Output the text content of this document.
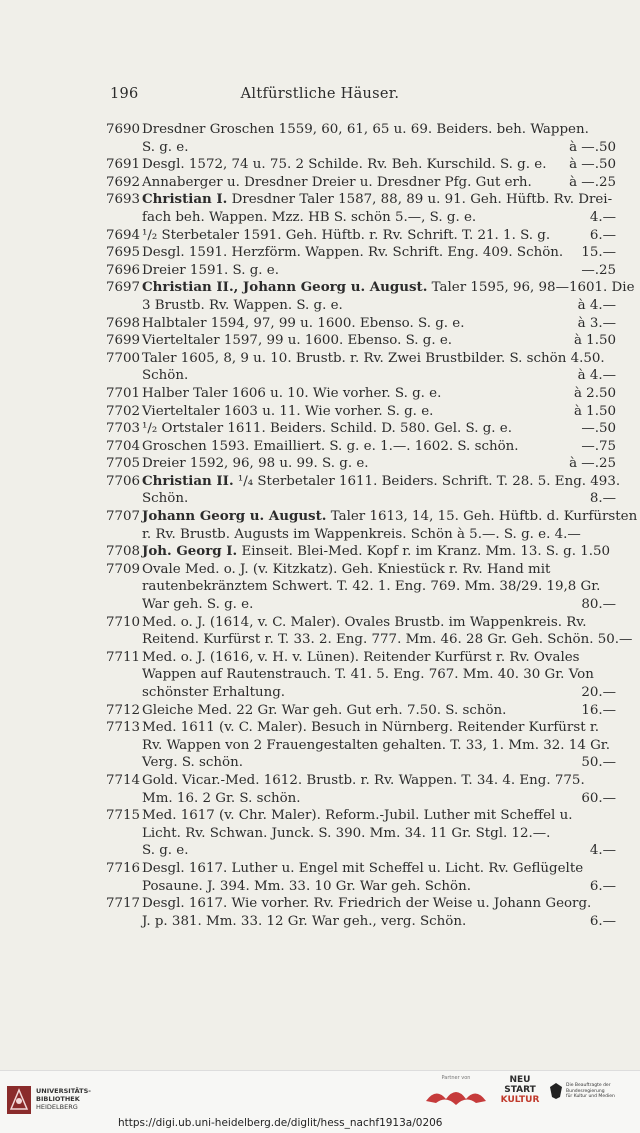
196	Altfürstliche Häuser.
7690 Dresdner Groschen 1559, 60, 61, 65 u. 69. Beiders. beh. Wappen.
S. g. e.	à —.50
7691 Desgl. 1572, 74 u. 75. 2 Schilde. Rv. Beh. Kurschild. S. g. e. à —.50
7692 Annaberger u. Dresdner Dreier u. Dresdner Pfg. Gut erh.	à —.25
7693 Christian I. Dresdner Taler 1587, 88, 89 u. 91. Geh. Hüftb. Rv. Drei-
fach beh. Wappen. Mzz. HB S. schön 5.—, S. g. e.	4.—
7694 ¹/₂ Sterbetaler 1591. Geh. Hüftb. r. Rv. Schrift. T. 21. 1. S. g.	6.—
7695 Desgl. 1591. Herzförm. Wappen. Rv. Schrift. Eng. 409. Schön. 15.—
7696 Dreier 1591. S. g. e.	—.25
7697 Christian II., Johann Georg u. August. Taler 1595, 96, 98—1601. Die
3 Brustb. Rv. Wappen. S. g. e.	à 4.—
7698 Halbtaler 1594, 97, 99 u. 1600. Ebenso. S. g. e.	à 3.—
7699 Vierteltaler 1597, 99 u. 1600. Ebenso. S. g. e.	à 1.50
7700 Taler 1605, 8, 9 u. 10. Brustb. r. Rv. Zwei Brustbilder. S. schön 4.50.
Schön.	à 4.—
7701 Halber Taler 1606 u. 10. Wie vorher. S. g. e.	à 2.50
7702 Vierteltaler 1603 u. 11. Wie vorher. S. g. e.	à 1.50
7703 ¹/₂ Ortstaler 1611. Beiders. Schild. D. 580. Gel. S. g. e.	—.50
7704 Groschen 1593. Emailliert. S. g. e. 1.—. 1602. S. schön.	—.75
7705 Dreier 1592, 96, 98 u. 99. S. g. e.	à —.25
7706 Christian II. ¹/₄ Sterbetaler 1611. Beiders. Schrift. T. 28. 5. Eng. 493.
Schön.	8.—
7707 Johann Georg u. August. Taler 1613, 14, 15. Geh. Hüftb. d. Kurfürsten
r. Rv. Brustb. Augusts im Wappenkreis. Schön à 5.—. S. g. e. 4.—
7708 Joh. Georg I. Einseit. Blei-Med. Kopf r. im Kranz. Mm. 13. S. g. 1.50
7709 Ovale Med. o. J. (v. Kitzkatz). Geh. Kniestück r. Rv. Hand mit
rautenbekränztem Schwert. T. 42. 1. Eng. 769. Mm. 38/29. 19,8 Gr.
War geh. S. g. e.	80.—
7710 Med. o. J. (1614, v. C. Maler). Ovales Brustb. im Wappenkreis. Rv.
Reitend. Kurfürst r. T. 33. 2. Eng. 777. Mm. 46. 28 Gr. Geh. Schön. 50.—
7711 Med. o. J. (1616, v. H. v. Lünen). Reitender Kurfürst r. Rv. Ovales
Wappen auf Rautenstrauch. T. 41. 5. Eng. 767. Mm. 40. 30 Gr. Von
schönster Erhaltung.	20.—
7712 Gleiche Med. 22 Gr. War geh. Gut erh. 7.50. S. schön.	16.—
7713 Med. 1611 (v. C. Maler). Besuch in Nürnberg. Reitender Kurfürst r.
Rv. Wappen von 2 Frauengestalten gehalten. T. 33, 1. Mm. 32. 14 Gr.
Verg. S. schön.	50.—
7714 Gold. Vicar.-Med. 1612. Brustb. r. Rv. Wappen. T. 34. 4. Eng. 775.
Mm. 16. 2 Gr. S. schön.	60.—
7715 Med. 1617 (v. Chr. Maler). Reform.-Jubil. Luther mit Scheffel u.
Licht. Rv. Schwan. Junck. S. 390. Mm. 34. 11 Gr. Stgl. 12.—.
S. g. e.	4.—
7716 Desgl. 1617. Luther u. Engel mit Scheffel u. Licht. Rv. Geflügelte
Posaune. J. 394. Mm. 33. 10 Gr. War geh. Schön.	6.—
7717 Desgl. 1617. Wie vorher. Rv. Friedrich der Weise u. Johann Georg.
J. p. 381. Mm. 33. 12 Gr. War geh., verg. Schön.	6.—
UNIVERSITÄTS-
BIBLIOTHEK
HEIDELBERG
https://digi.ub.uni-heidelberg.de/diglit/hess_nachf1913a/0206
Partner von	NEU
START
KULTUR
Die Beauftragte der Bundesregierung
für Kultur und Medien
